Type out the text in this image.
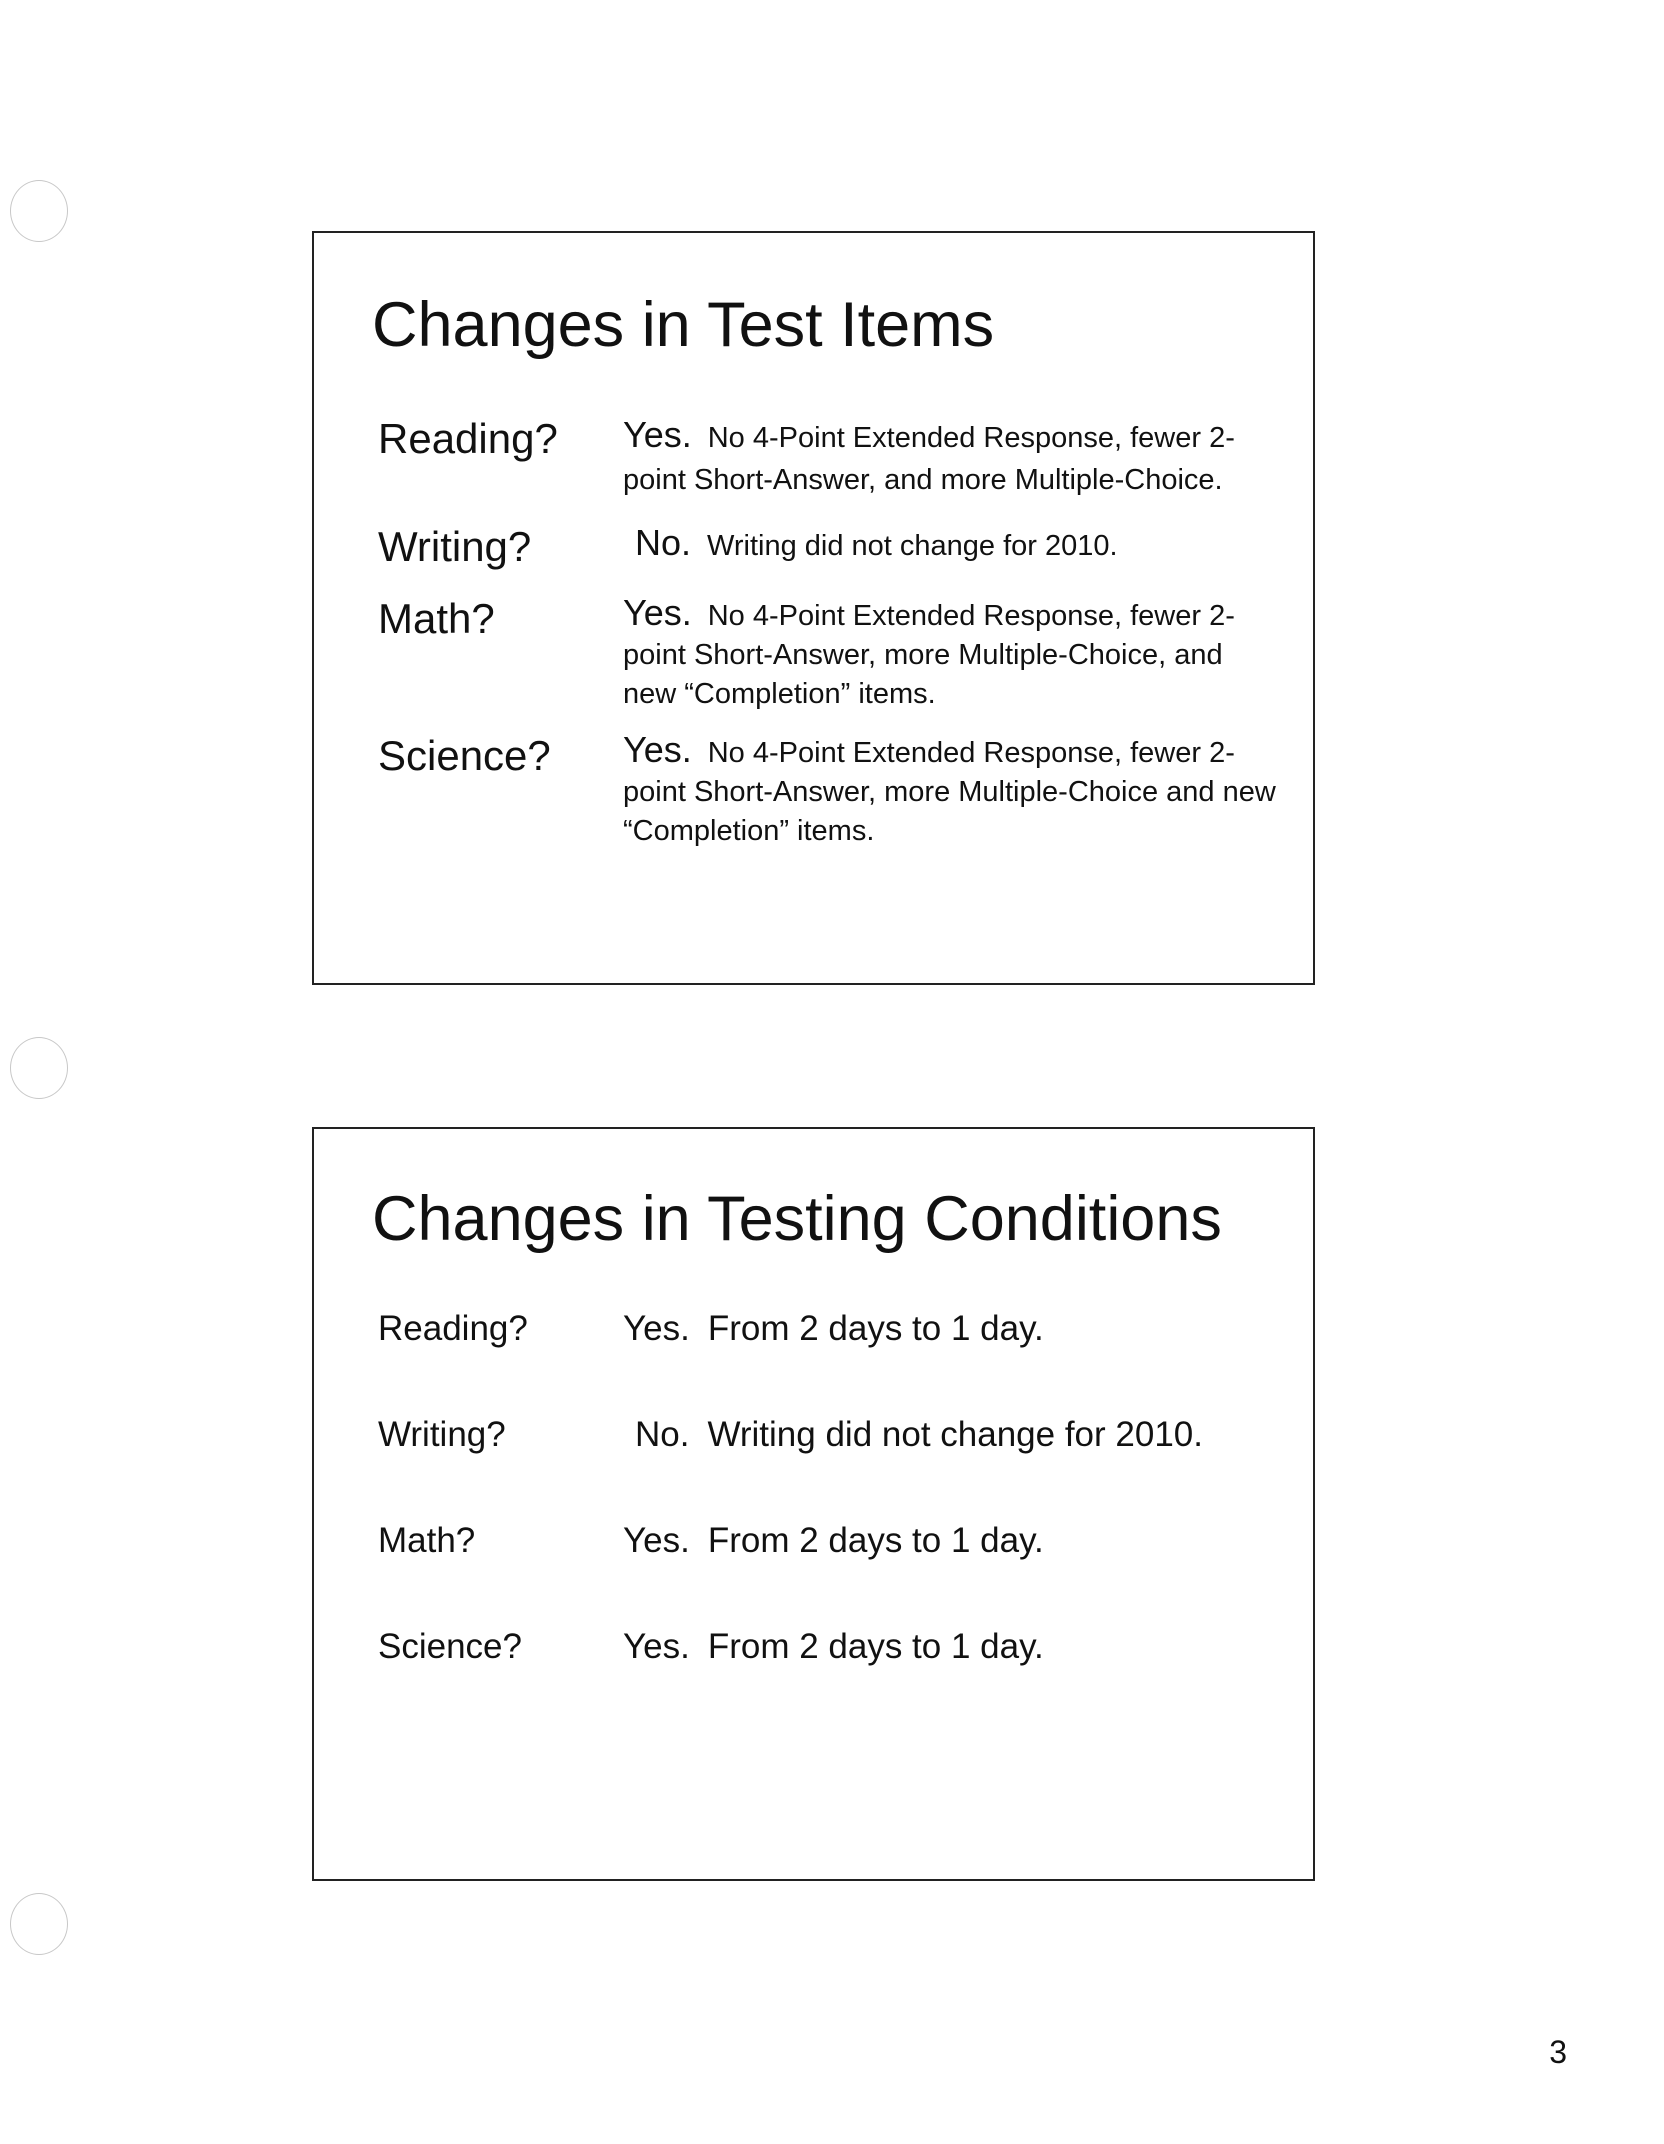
Changes in Test Items
Reading? Yes. No 4-Point Extended Response, fewer 2-point Short-Answer, and more Multiple-Choice.
Writing?	No. Writing did not change for 2010.
Math?	Yes. No 4-Point Extended Response, fewer 2-point Short-Answer, more Multiple-Choice, and new “Completion” items.
Science? Yes. No 4-Point Extended Response, fewer 2-point Short-Answer, more Multiple-Choice and new “Completion” items.
Changes in Testing Conditions
Reading?	Yes. From 2 days to 1 day.
Writing?	No. Writing did not change for 2010.
Math?	Yes. From 2 days to 1 day.
Science?	Yes. From 2 days to 1 day.
3
